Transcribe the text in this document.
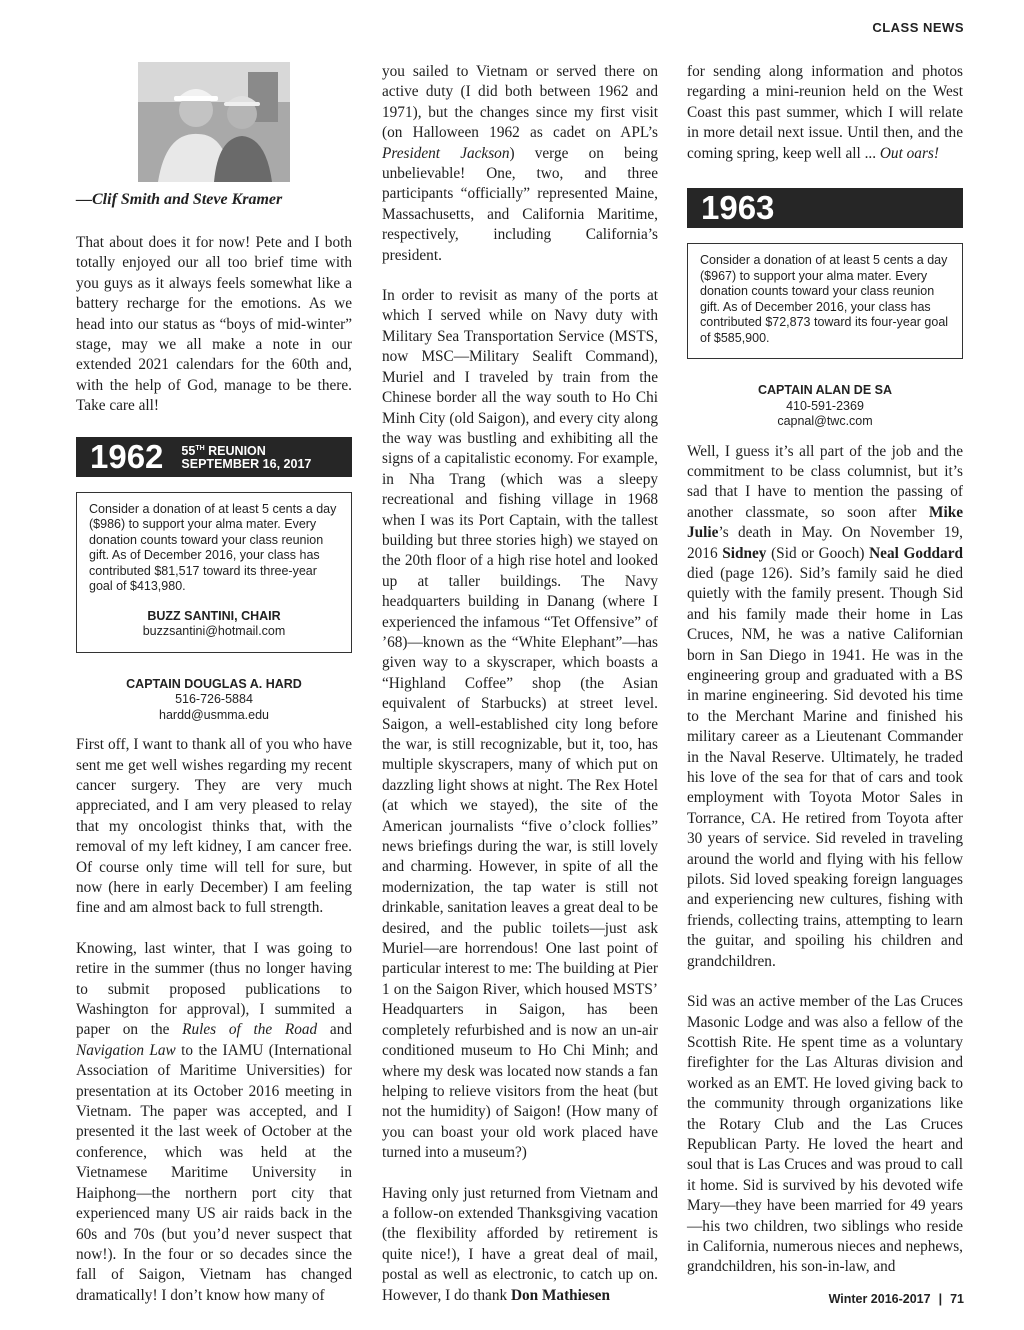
CLASS NEWS
—Clif Smith and Steve Kramer

That about does it for now! Pete and I both totally enjoyed our all too brief time with you guys as it always feels somewhat like a battery recharge for the emotions. As we head into our status as “boys of mid-winter” stage, may we all make a note in our extended 2021 calendars for the 60th and, with the help of God, manage to be there. Take care all!

1962 55TH REUNION
SEPTEMBER 16, 2017
Consider a donation of at least 5 cents a day ($986) to support your alma mater. Every donation counts toward your class reunion gift. As of December 2016, your class has contributed $81,517 toward its three-year goal of $413,980.
BUZZ SANTINI, CHAIR
buzzsantini@hotmail.com
CAPTAIN DOUGLAS A. HARD
516-726-5884
hardd@usmma.edu

First off, I want to thank all of you who have sent me get well wishes regarding my recent cancer surgery. They are very much appreciated, and I am very pleased to relay that my oncologist thinks that, with the removal of my left kidney, I am cancer free. Of course only time will tell for sure, but now (here in early December) I am feeling fine and am almost back to full strength.

Knowing, last winter, that I was going to retire in the summer (thus no longer having to submit proposed publications to Washington for approval), I summited a paper on the Rules of the Road and Navigation Law to the IAMU (International Association of Maritime Universities) for presentation at its October 2016 meeting in Vietnam. The paper was accepted, and I presented it the last week of October at the conference, which was held at the Vietnamese Maritime University in Haiphong—the northern port city that experienced many US air raids back in the 60s and 70s (but you’d never suspect that now!). In the four or so decades since the fall of Saigon, Vietnam has changed dramatically! I don’t know how many of

you sailed to Vietnam or served there on active duty (I did both between 1962 and 1971), but the changes since my first visit (on Halloween 1962 as cadet on APL’s President Jackson) verge on being unbelievable! One, two, and three participants “officially” represented Maine, Massachusetts, and California Maritime, respectively, including California’s president.

In order to revisit as many of the ports at which I served while on Navy duty with Military Sea Transportation Service (MSTS, now MSC—Military Sealift Command), Muriel and I traveled by train from the Chinese border all the way south to Ho Chi Minh City (old Saigon), and every city along the way was bustling and exhibiting all the signs of a capitalistic economy. For example, in Nha Trang (which was a sleepy recreational and fishing village in 1968 when I was its Port Captain, with the tallest building but three stories high) we stayed on the 20th floor of a high rise hotel and looked up at taller buildings. The Navy headquarters building in Danang (where I experienced the infamous “Tet Offensive” of ’68)—known as the “White Elephant”—has given way to a skyscraper, which boasts a “Highland Coffee” shop (the Asian equivalent of Starbucks) at street level. Saigon, a well-established city long before the war, is still recognizable, but it, too, has multiple skyscrapers, many of which put on dazzling light shows at night. The Rex Hotel (at which we stayed), the site of the American journalists “five o’clock follies” news briefings during the war, is still lovely and charming. However, in spite of all the modernization, the tap water is still not drinkable, sanitation leaves a great deal to be desired, and the public toilets—just ask Muriel—are horrendous! One last point of particular interest to me: The building at Pier 1 on the Saigon River, which housed MSTS’ Headquarters in Saigon, has been completely refurbished and is now an un-air conditioned museum to Ho Chi Minh; and where my desk was located now stands a fan helping to relieve visitors from the heat (but not the humidity) of Saigon! (How many of you can boast your old work placed have turned into a museum?)

Having only just returned from Vietnam and a follow-on extended Thanksgiving vacation (the flexibility afforded by retirement is quite nice!), I have a great deal of mail, postal as well as electronic, to catch up on. However, I do thank Don Mathiesen

for sending along information and photos regarding a mini-reunion held on the West Coast this past summer, which I will relate in more detail next issue. Until then, and the coming spring, keep well all ... Out oars!

1963
Consider a donation of at least 5 cents a day ($967) to support your alma mater. Every donation counts toward your class reunion gift. As of December 2016, your class has contributed $72,873 toward its four-year goal of $585,900.
CAPTAIN ALAN DE SA
410-591-2369
capnal@twc.com

Well, I guess it’s all part of the job and the commitment to be class columnist, but it’s sad that I have to mention the passing of another classmate, so soon after Mike Julie’s death in May. On November 19, 2016 Sidney (Sid or Gooch) Neal Goddard died (page 126). Sid’s family said he died quietly with the family present. Though Sid and his family made their home in Las Cruces, NM, he was a native Californian born in San Diego in 1941. He was in the engineering group and graduated with a BS in marine engineering. Sid devoted his time to the Merchant Marine and finished his military career as a Lieutenant Commander in the Naval Reserve. Ultimately, he traded his love of the sea for that of cars and took employment with Toyota Motor Sales in Torrance, CA. He retired from Toyota after 30 years of service. Sid reveled in traveling around the world and flying with his fellow pilots. Sid loved speaking foreign languages and experiencing new cultures, fishing with friends, collecting trains, attempting to learn the guitar, and spoiling his children and grandchildren.

Sid was an active member of the Las Cruces Masonic Lodge and was also a fellow of the Scottish Rite. He spent time as a voluntary firefighter for the Las Alturas division and worked as an EMT. He loved giving back to the community through organizations like the Rotary Club and the Las Cruces Republican Party. He loved the heart and soul that is Las Cruces and was proud to call it home. Sid is survived by his devoted wife Mary—they have been married for 49 years—his two children, two siblings who reside in California, numerous nieces and nephews, grandchildren, his son-in-law, and

Winter 2016-2017 | 71
